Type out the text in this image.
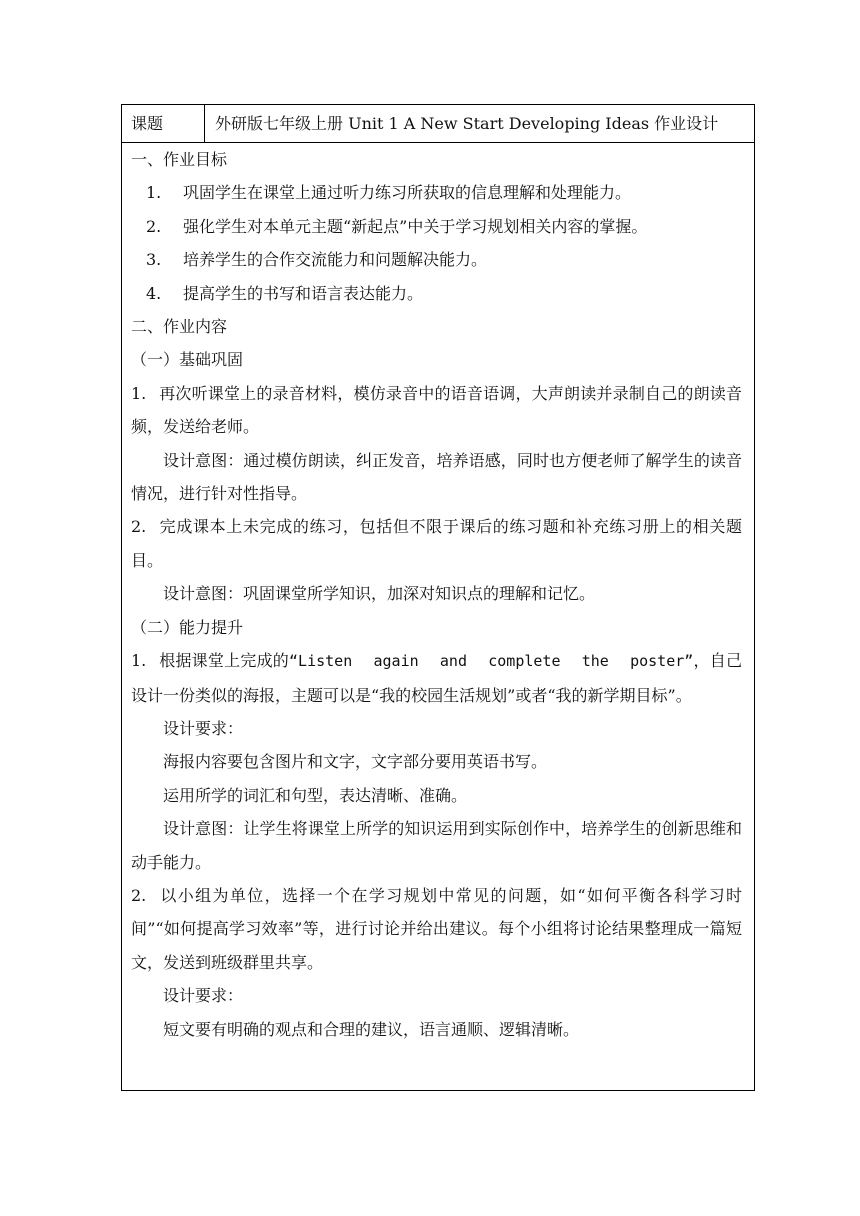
课题	外研版七年级上册 Unit 1 A New Start Developing Ideas 作业设计
一、作业目标
1. 巩固学生在课堂上通过听力练习所获取的信息理解和处理能力。
2. 强化学生对本单元主题“新起点”中关于学习规划相关内容的掌握。
3. 培养学生的合作交流能力和问题解决能力。
4. 提高学生的书写和语言表达能力。
二、作业内容
（一）基础巩固

1. 再次听课堂上的录音材料，模仿录音中的语音语调，大声朗读并录制自己的朗读音频，发送给老师。

设计意图：通过模仿朗读，纠正发音，培养语感，同时也方便老师了解学生的读音情况，进行针对性指导。

2. 完成课本上未完成的练习，包括但不限于课后的练习题和补充练习册上的相关题目。

设计意图：巩固课堂所学知识，加深对知识点的理解和记忆。

（二）能力提升

1. 根据课堂上完成的“Listen again and complete the poster”，自己设计一份类似的海报，主题可以是“我的校园生活规划”或者“我的新学期目标”。

设计要求：

海报内容要包含图片和文字，文字部分要用英语书写。

运用所学的词汇和句型，表达清晰、准确。

设计意图：让学生将课堂上所学的知识运用到实际创作中，培养学生的创新思维和动手能力。

2. 以小组为单位，选择一个在学习规划中常见的问题，如“如何平衡各科学习时间”“如何提高学习效率”等，进行讨论并给出建议。每个小组将讨论结果整理成一篇短文，发送到班级群里共享。

设计要求：

短文要有明确的观点和合理的建议，语言通顺、逻辑清晰。
